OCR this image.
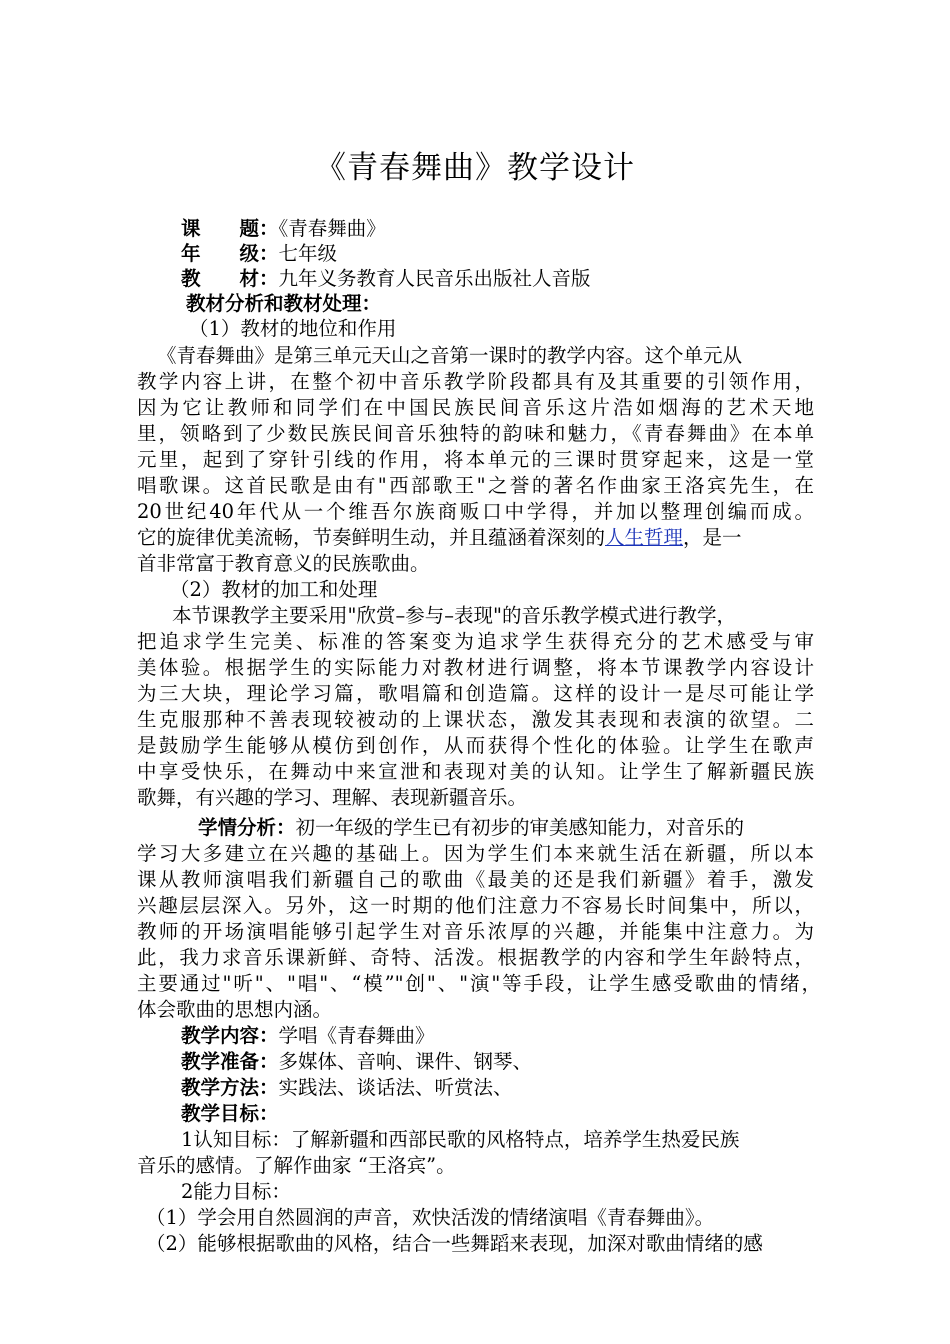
《青春舞曲》教学设计
课　　题：《青春舞曲》
年　　级：七年级
教　　材：九年义务教育人民音乐出版社人音版
教材分析和教材处理：
（1）教材的地位和作用
《青春舞曲》是第三单元天山之音第一课时的教学内容。这个单元从
教学内容上讲，在整个初中音乐教学阶段都具有及其重要的引领作用，
因为它让教师和同学们在中国民族民间音乐这片浩如烟海的艺术天地
里，领略到了少数民族民间音乐独特的韵味和魅力，《青春舞曲》在本单
元里，起到了穿针引线的作用，将本单元的三课时贯穿起来，这是一堂
唱歌课。这首民歌是由有"西部歌王"之誉的著名作曲家王洛宾先生，在
20世纪40年代从一个维吾尔族商贩口中学得，并加以整理创编而成。
它的旋律优美流畅，节奏鲜明生动，并且蕴涵着深刻的人生哲理，是一
首非常富于教育意义的民族歌曲。
（2）教材的加工和处理
本节课教学主要采用"欣赏–参与–表现"的音乐教学模式进行教学，
把追求学生完美、标准的答案变为追求学生获得充分的艺术感受与审
美体验。根据学生的实际能力对教材进行调整，将本节课教学内容设计
为三大块，理论学习篇，歌唱篇和创造篇。这样的设计一是尽可能让学
生克服那种不善表现较被动的上课状态，激发其表现和表演的欲望。二
是鼓励学生能够从模仿到创作，从而获得个性化的体验。让学生在歌声
中享受快乐，在舞动中来宣泄和表现对美的认知。让学生了解新疆民族
歌舞，有兴趣的学习、理解、表现新疆音乐。
学情分析：初一年级的学生已有初步的审美感知能力，对音乐的
学习大多建立在兴趣的基础上。因为学生们本来就生活在新疆，所以本
课从教师演唱我们新疆自己的歌曲《最美的还是我们新疆》着手，激发
兴趣层层深入。另外，这一时期的他们注意力不容易长时间集中，所以，
教师的开场演唱能够引起学生对音乐浓厚的兴趣，并能集中注意力。为
此，我力求音乐课新鲜、奇特、活泼。根据教学的内容和学生年龄特点，
主要通过"听"、"唱"、“模”"创"、"演"等手段，让学生感受歌曲的情绪，
体会歌曲的思想内涵。
教学内容：学唱《青春舞曲》
教学准备：多媒体、音响、课件、钢琴、
教学方法：实践法、谈话法、听赏法、
教学目标：
1认知目标：了解新疆和西部民歌的风格特点，培养学生热爱民族
音乐的感情。了解作曲家 “王洛宾”。
2能力目标：
（1）学会用自然圆润的声音，欢快活泼的情绪演唱《青春舞曲》。
（2）能够根据歌曲的风格，结合一些舞蹈来表现，加深对歌曲情绪的感
